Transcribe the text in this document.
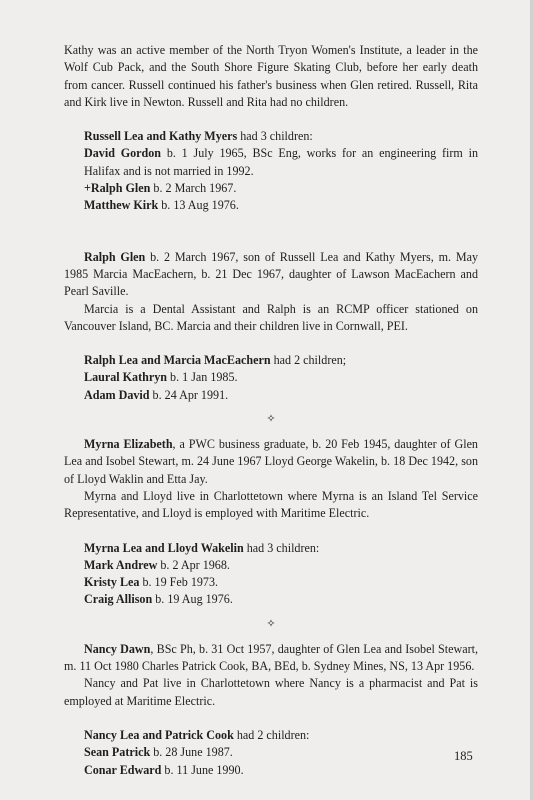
Kathy was an active member of the North Tryon Women's Institute, a leader in the Wolf Cub Pack, and the South Shore Figure Skating Club, before her early death from cancer. Russell continued his father's business when Glen retired. Russell, Rita and Kirk live in Newton. Russell and Rita had no children.

Russell Lea and Kathy Myers had 3 children:

David Gordon b. 1 July 1965, BSc Eng, works for an engineering firm in Halifax and is not married in 1992.

+Ralph Glen b. 2 March 1967.
Matthew Kirk b. 13 Aug 1976.

Ralph Glen b. 2 March 1967, son of Russell Lea and Kathy Myers, m. May 1985 Marcia MacEachern, b. 21 Dec 1967, daughter of Lawson MacEachern and Pearl Saville.

Marcia is a Dental Assistant and Ralph is an RCMP officer stationed on Vancouver Island, BC. Marcia and their children live in Cornwall, PEI.

Ralph Lea and Marcia MacEachern had 2 children;
Laural Kathryn b. 1 Jan 1985.
Adam David b. 24 Apr 1991.
✧

Myrna Elizabeth, a PWC business graduate, b. 20 Feb 1945, daughter of Glen Lea and Isobel Stewart, m. 24 June 1967 Lloyd George Wakelin, b. 18 Dec 1942, son of Lloyd Waklin and Etta Jay.

Myrna and Lloyd live in Charlottetown where Myrna is an Island Tel Service Representative, and Lloyd is employed with Maritime Electric.

Myrna Lea and Lloyd Wakelin had 3 children:
Mark Andrew b. 2 Apr 1968.
Kristy Lea b. 19 Feb 1973.
Craig Allison b. 19 Aug 1976.
✧

Nancy Dawn, BSc Ph, b. 31 Oct 1957, daughter of Glen Lea and Isobel Stewart, m. 11 Oct 1980 Charles Patrick Cook, BA, BEd, b. Sydney Mines, NS, 13 Apr 1956.

Nancy and Pat live in Charlottetown where Nancy is a pharmacist and Pat is employed at Maritime Electric.

Nancy Lea and Patrick Cook had 2 children:
Sean Patrick b. 28 June 1987.
Conar Edward b. 11 June 1990.
185
